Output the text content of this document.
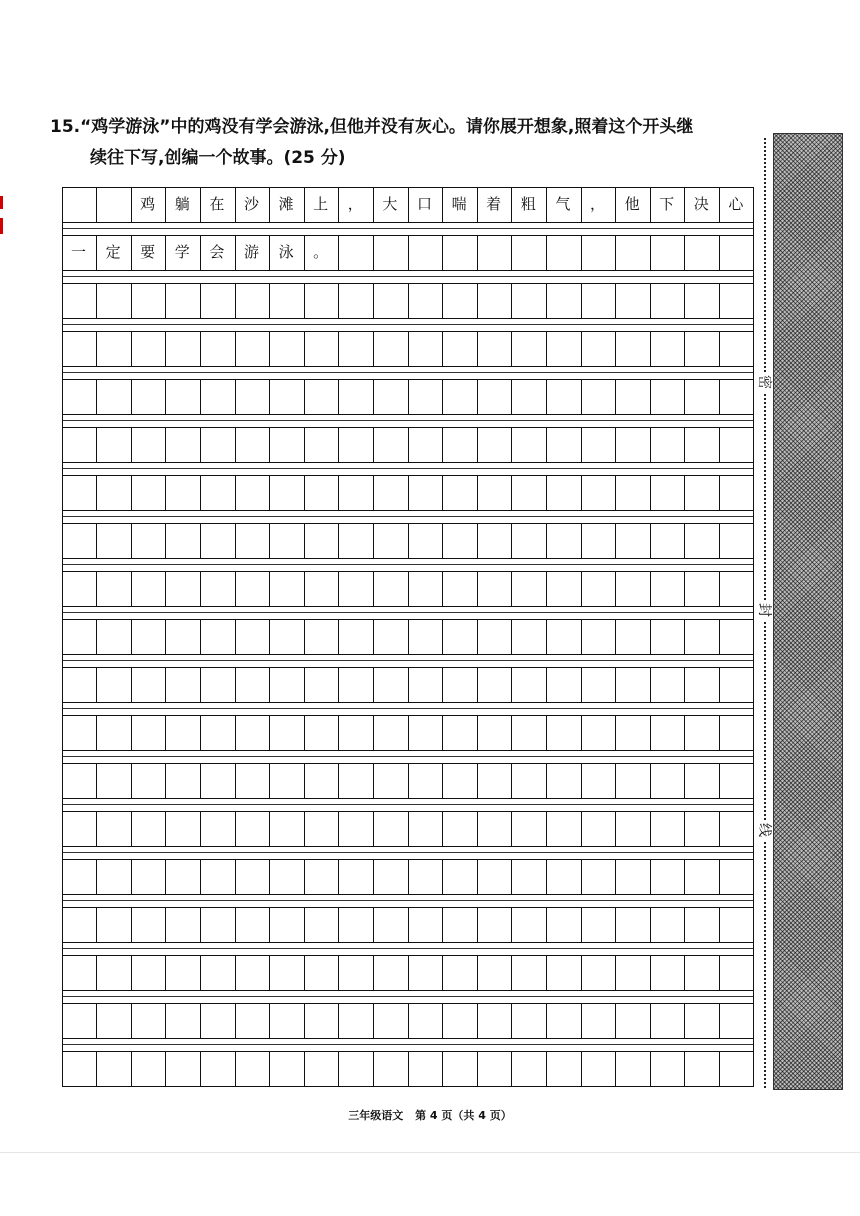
15.“鸡学游泳”中的鸡没有学会游泳,但他并没有灰心。请你展开想象,照着这个开头继
续往下写,创编一个故事。(25 分)
鸡	躺	在	沙	滩	上	，	大	口	喘	着	粗	气	，	他	下	决	心
一	定	要	学	会	游	泳	。
密
封
线
三年级语文 第 4 页（共 4 页）
